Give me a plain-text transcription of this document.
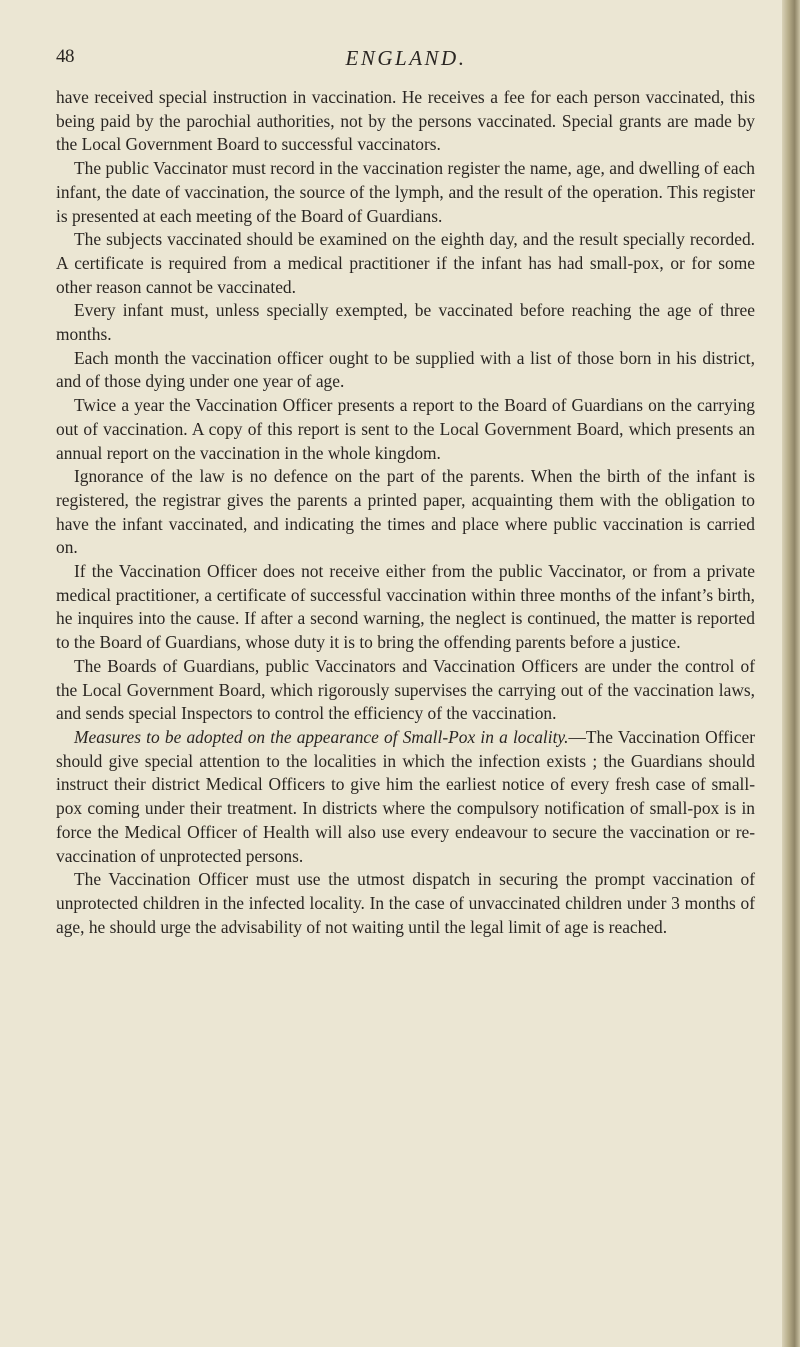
48	ENGLAND.

have received special instruction in vaccination. He receives a fee for each person vaccinated, this being paid by the parochial authorities, not by the persons vaccinated. Special grants are made by the Local Government Board to successful vaccinators.

The public Vaccinator must record in the vaccination register the name, age, and dwelling of each infant, the date of vaccination, the source of the lymph, and the result of the operation. This register is presented at each meeting of the Board of Guardians.

The subjects vaccinated should be examined on the eighth day, and the result specially recorded. A certificate is required from a medical practitioner if the infant has had small-pox, or for some other reason cannot be vaccinated.

Every infant must, unless specially exempted, be vaccinated before reaching the age of three months.

Each month the vaccination officer ought to be supplied with a list of those born in his district, and of those dying under one year of age.

Twice a year the Vaccination Officer presents a report to the Board of Guardians on the carrying out of vaccination. A copy of this report is sent to the Local Government Board, which presents an annual report on the vaccination in the whole kingdom.

Ignorance of the law is no defence on the part of the parents. When the birth of the infant is registered, the registrar gives the parents a printed paper, acquainting them with the obligation to have the infant vaccinated, and indicating the times and place where public vaccination is carried on.

If the Vaccination Officer does not receive either from the public Vaccinator, or from a private medical practitioner, a certificate of successful vaccination within three months of the infant’s birth, he inquires into the cause. If after a second warning, the neglect is continued, the matter is reported to the Board of Guardians, whose duty it is to bring the offending parents before a justice.

The Boards of Guardians, public Vaccinators and Vaccination Officers are under the control of the Local Government Board, which rigorously supervises the carrying out of the vaccination laws, and sends special Inspectors to control the efficiency of the vaccination.

Measures to be adopted on the appearance of Small-Pox in a locality.—The Vaccination Officer should give special attention to the localities in which the infection exists ; the Guardians should instruct their district Medical Officers to give him the earliest notice of every fresh case of small-pox coming under their treatment. In districts where the compulsory notification of small-pox is in force the Medical Officer of Health will also use every endeavour to secure the vaccination or re-vaccination of unprotected persons.

The Vaccination Officer must use the utmost dispatch in securing the prompt vaccination of unprotected children in the infected locality. In the case of unvaccinated children under 3 months of age, he should urge the advisability of not waiting until the legal limit of age is reached.
